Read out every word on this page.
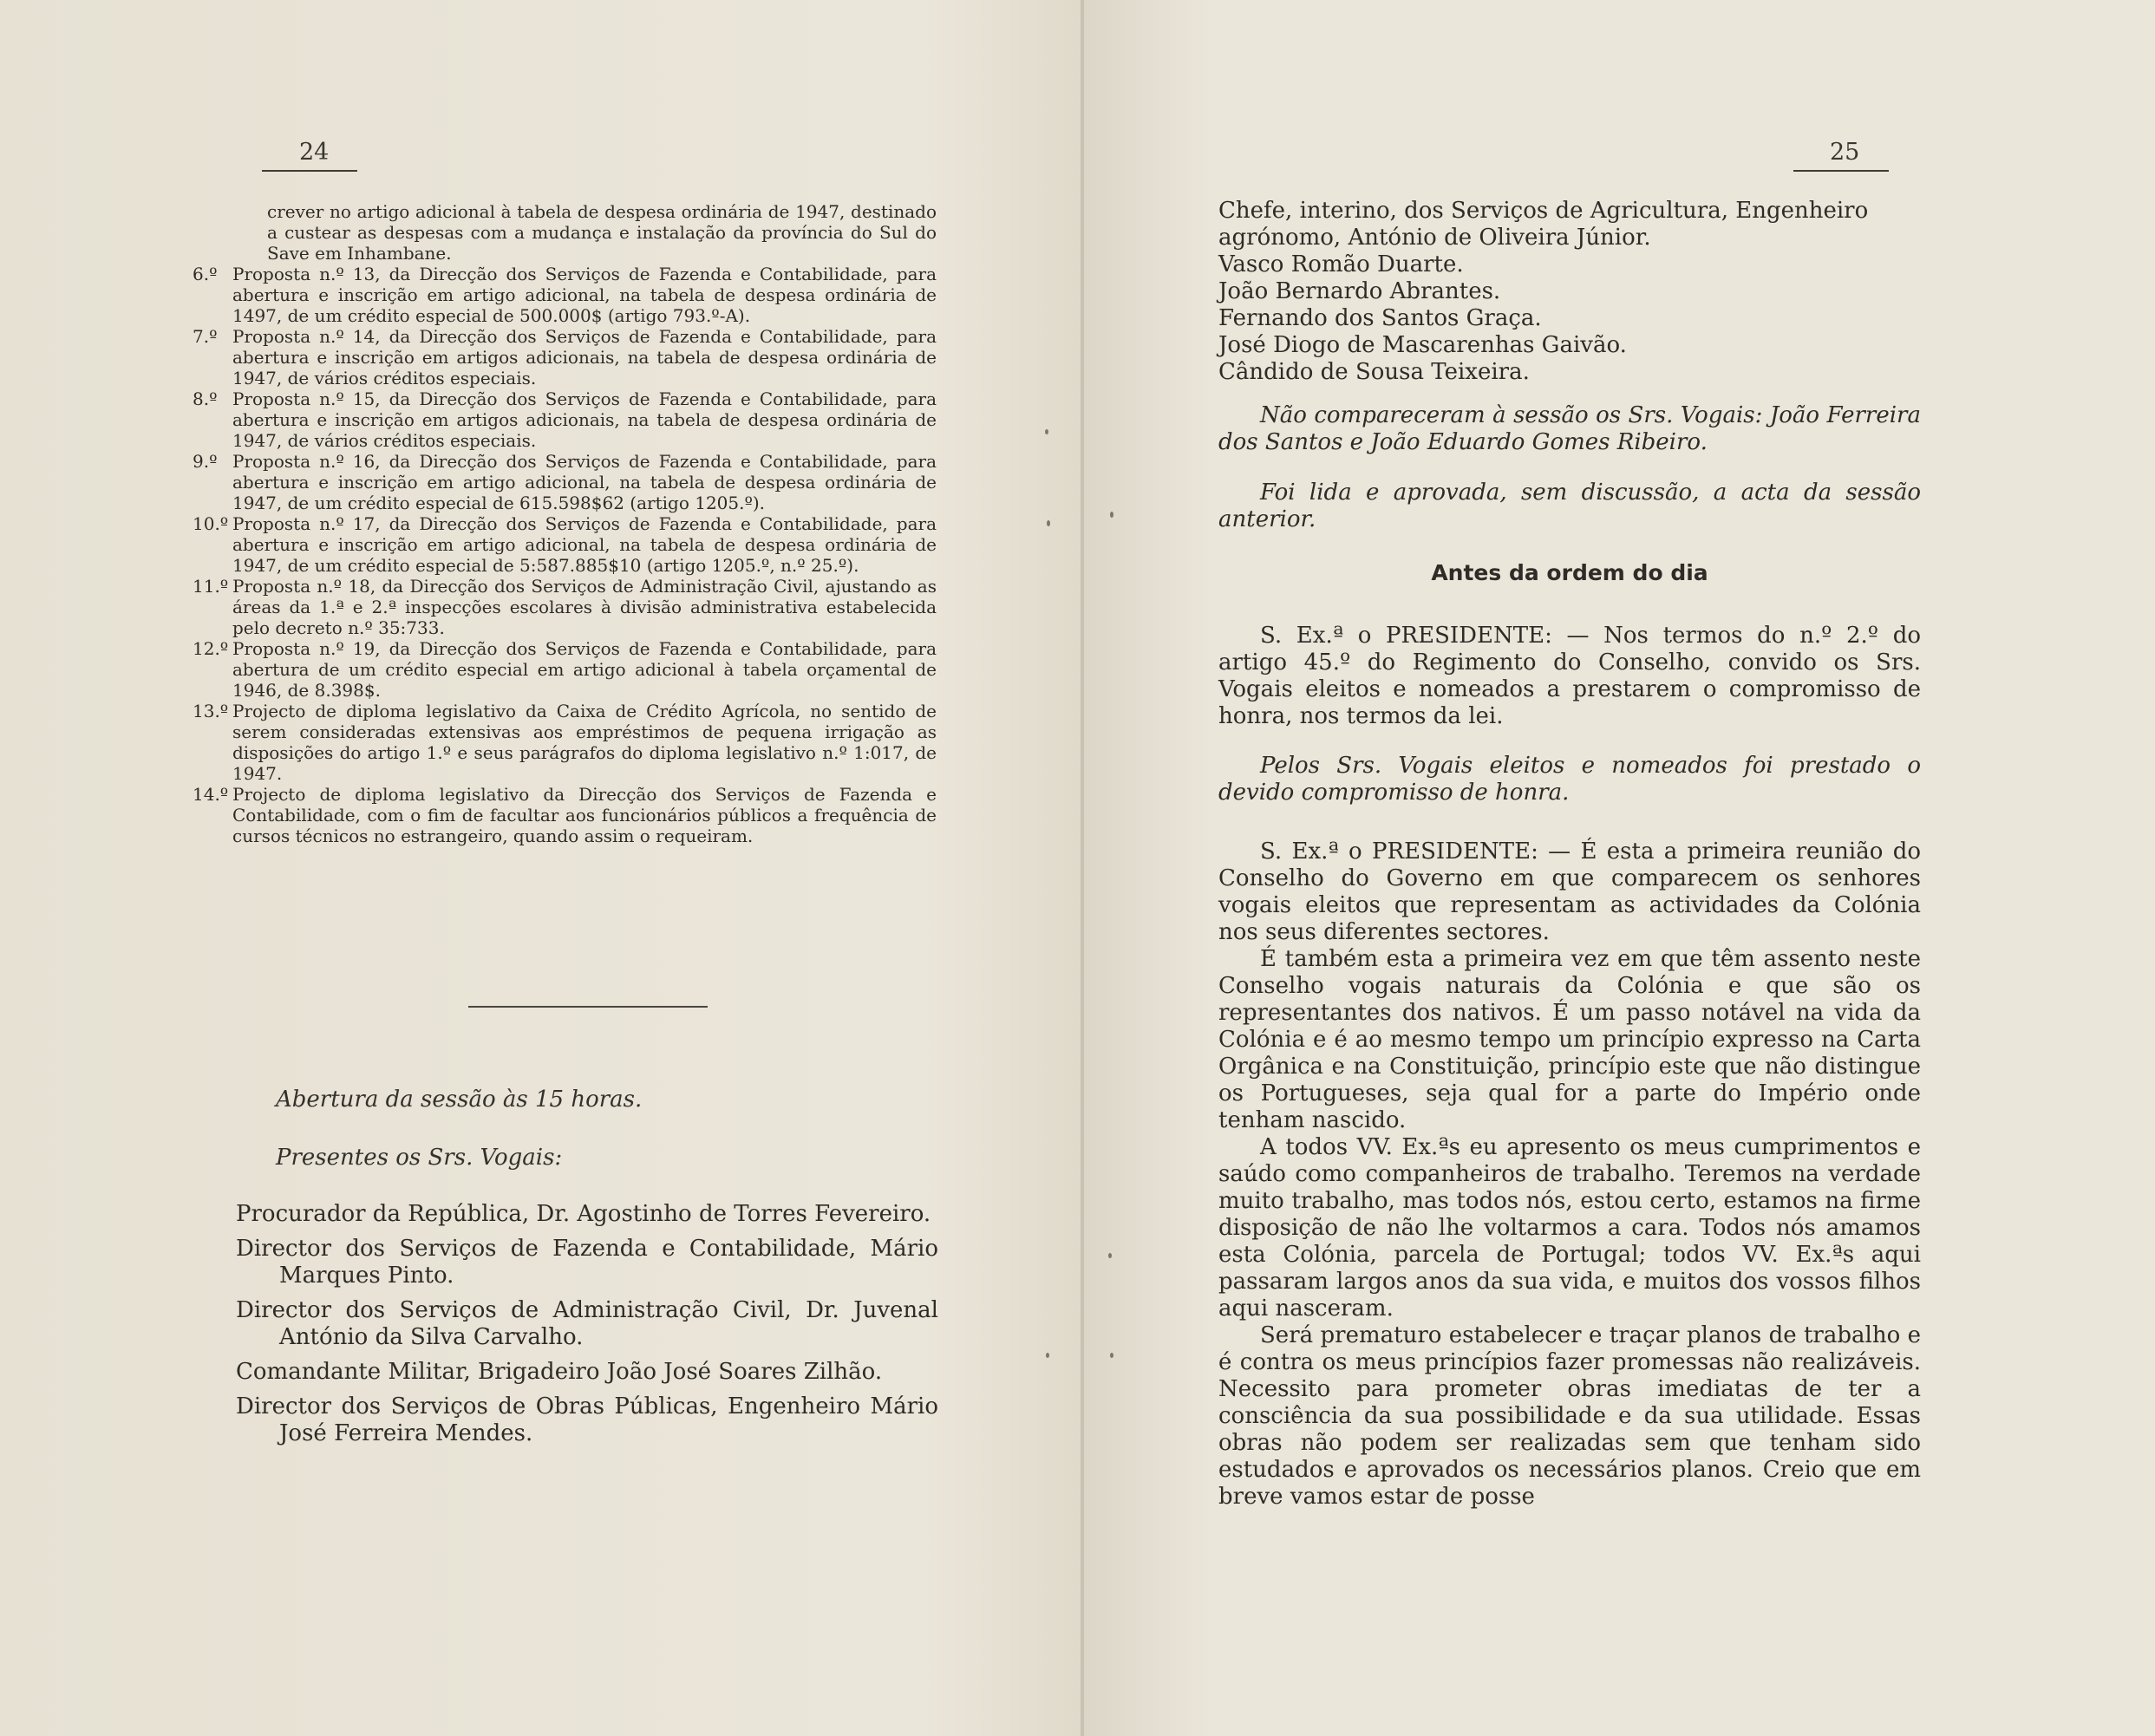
24
crever no artigo adicional à tabela de despesa ordinária de 1947, destinado a custear as despesas com a mudança e instalação da província do Sul do Save em Inhambane.
6.º Proposta n.º 13, da Direcção dos Serviços de Fazenda e Contabilidade, para abertura e inscrição em artigo adicional, na tabela de despesa ordinária de 1497, de um crédito especial de 500.000$ (artigo 793.º-A).
7.º Proposta n.º 14, da Direcção dos Serviços de Fazenda e Contabilidade, para abertura e inscrição em artigos adicionais, na tabela de despesa ordinária de 1947, de vários créditos especiais.
8.º Proposta n.º 15, da Direcção dos Serviços de Fazenda e Contabilidade, para abertura e inscrição em artigos adicionais, na tabela de despesa ordinária de 1947, de vários créditos especiais.
9.º Proposta n.º 16, da Direcção dos Serviços de Fazenda e Contabilidade, para abertura e inscrição em artigo adicional, na tabela de despesa ordinária de 1947, de um crédito especial de 615.598$62 (artigo 1205.º).
10.º Proposta n.º 17, da Direcção dos Serviços de Fazenda e Contabilidade, para abertura e inscrição em artigo adicional, na tabela de despesa ordinária de 1947, de um crédito especial de 5:587.885$10 (artigo 1205.º, n.º 25.º).
11.º Proposta n.º 18, da Direcção dos Serviços de Administração Civil, ajustando as áreas da 1.ª e 2.ª inspecções escolares à divisão administrativa estabelecida pelo decreto n.º 35:733.
12.º Proposta n.º 19, da Direcção dos Serviços de Fazenda e Contabilidade, para abertura de um crédito especial em artigo adicional à tabela orçamental de 1946, de 8.398$.
13.º Projecto de diploma legislativo da Caixa de Crédito Agrícola, no sentido de serem consideradas extensivas aos empréstimos de pequena irrigação as disposições do artigo 1.º e seus parágrafos do diploma legislativo n.º 1:017, de 1947.
14.º Projecto de diploma legislativo da Direcção dos Serviços de Fazenda e Contabilidade, com o fim de facultar aos funcionários públicos a frequência de cursos técnicos no estrangeiro, quando assim o requeiram.
Abertura da sessão às 15 horas.
Presentes os Srs. Vogais:

Procurador da República, Dr. Agostinho de Torres Fevereiro.

Director dos Serviços de Fazenda e Contabilidade, Mário Marques Pinto.

Director dos Serviços de Administração Civil, Dr. Juvenal António da Silva Carvalho.

Comandante Militar, Brigadeiro João José Soares Zilhão.

Director dos Serviços de Obras Públicas, Engenheiro Mário José Ferreira Mendes.

25

Chefe, interino, dos Serviços de Agricultura, Engenheiro agrónomo, António de Oliveira Júnior.

Vasco Romão Duarte.

João Bernardo Abrantes.

Fernando dos Santos Graça.

José Diogo de Mascarenhas Gaivão.

Cândido de Sousa Teixeira.

Não compareceram à sessão os Srs. Vogais: João Ferreira dos Santos e João Eduardo Gomes Ribeiro.
Foi lida e aprovada, sem discussão, a acta da sessão anterior.
Antes da ordem do dia
S. Ex.ª o PRESIDENTE: — Nos termos do n.º 2.º do artigo 45.º do Regimento do Conselho, convido os Srs. Vogais eleitos e nomeados a prestarem o compromisso de honra, nos termos da lei.
Pelos Srs. Vogais eleitos e nomeados foi prestado o devido compromisso de honra.

S. Ex.ª o PRESIDENTE: — É esta a primeira reunião do Conselho do Governo em que comparecem os senhores vogais eleitos que representam as actividades da Colónia nos seus diferentes sectores.

É também esta a primeira vez em que têm assento neste Conselho vogais naturais da Colónia e que são os representantes dos nativos. É um passo notável na vida da Colónia e é ao mesmo tempo um princípio expresso na Carta Orgânica e na Constituição, princípio este que não distingue os Portugueses, seja qual for a parte do Império onde tenham nascido.

A todos VV. Ex.ªs eu apresento os meus cumprimentos e saúdo como companheiros de trabalho. Teremos na verdade muito trabalho, mas todos nós, estou certo, estamos na firme disposição de não lhe voltarmos a cara. Todos nós amamos esta Colónia, parcela de Portugal; todos VV. Ex.ªs aqui passaram largos anos da sua vida, e muitos dos vossos filhos aqui nasceram.

Será prematuro estabelecer e traçar planos de trabalho e é contra os meus princípios fazer promessas não realizáveis. Necessito para prometer obras imediatas de ter a consciência da sua possibilidade e da sua utilidade. Essas obras não podem ser realizadas sem que tenham sido estudados e aprovados os necessários planos. Creio que em breve vamos estar de posse
